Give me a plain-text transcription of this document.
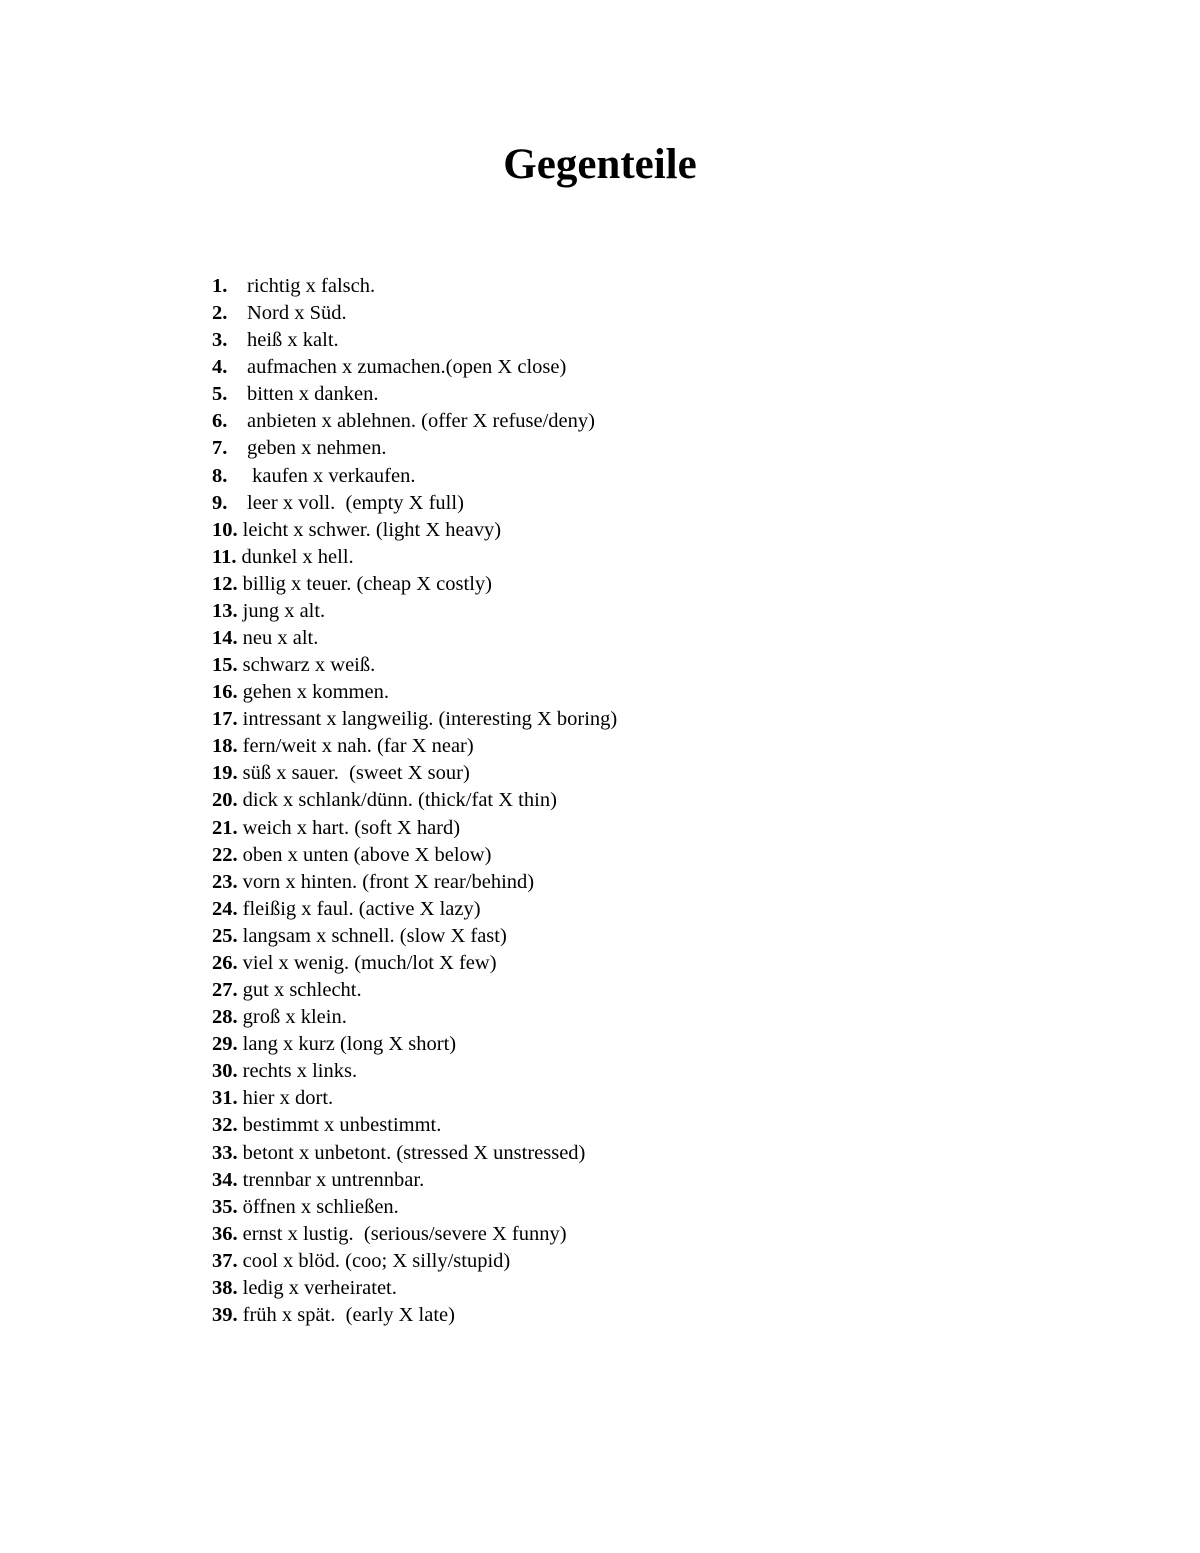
Gegenteile
1. richtig x falsch.
2. Nord x Süd.
3. heiß x kalt.
4. aufmachen x zumachen.(open X close)
5. bitten x danken.
6. anbieten x ablehnen. (offer X refuse/deny)
7. geben x nehmen.
8. kaufen x verkaufen.
9. leer x voll.  (empty X full)
10. leicht x schwer. (light X heavy)
11. dunkel x hell.
12. billig x teuer. (cheap X costly)
13. jung x alt.
14. neu x alt.
15. schwarz x weiß.
16. gehen x kommen.
17. intressant x langweilig. (interesting X boring)
18. fern/weit x nah. (far X near)
19. süß x sauer.  (sweet X sour)
20. dick x schlank/dünn. (thick/fat X thin)
21. weich x hart. (soft X hard)
22. oben x unten (above X below)
23. vorn x hinten. (front X rear/behind)
24. fleißig x faul. (active X lazy)
25. langsam x schnell. (slow X fast)
26. viel x wenig. (much/lot X few)
27. gut x schlecht.
28. groß x klein.
29. lang x kurz (long X short)
30. rechts x links.
31. hier x dort.
32. bestimmt x unbestimmt.
33. betont x unbetont. (stressed X unstressed)
34. trennbar x untrennbar.
35. öffnen x schließen.
36. ernst x lustig.  (serious/severe X funny)
37. cool x blöd. (coo; X silly/stupid)
38. ledig x verheiratet.
39. früh x spät.  (early X late)
